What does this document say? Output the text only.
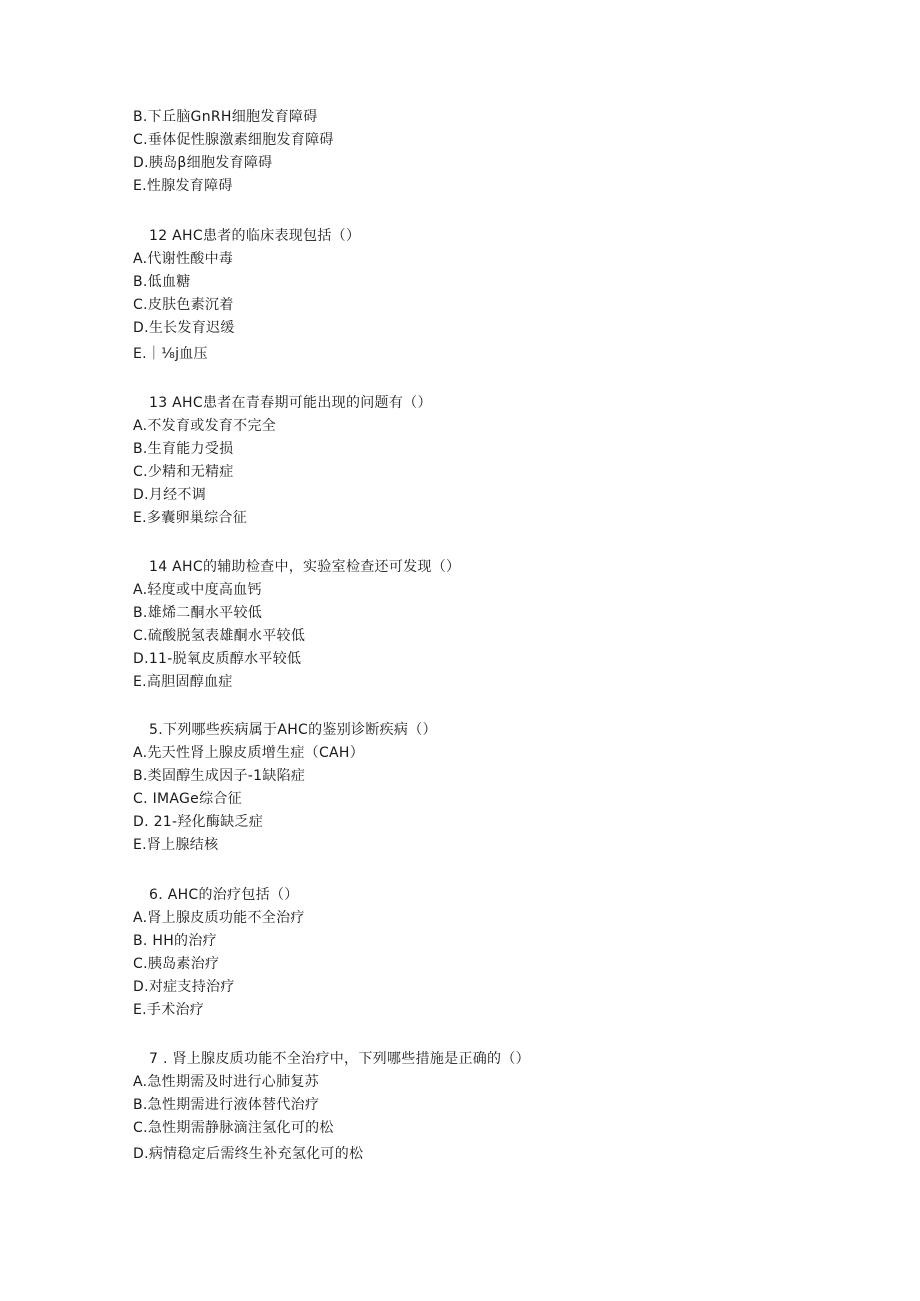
B.下丘脑GnRH细胞发育障碍
C.垂体促性腺激素细胞发育障碍
D.胰岛β细胞发育障碍
E.性腺发育障碍
12 AHC患者的临床表现包括（）
A.代谢性酸中毒
B.低血糖
C.皮肤色素沉着
D.生长发育迟缓
E.｜⅛j血压
13 AHC患者在青春期可能出现的问题有（）
A.不发育或发育不完全
B.生育能力受损
C.少精和无精症
D.月经不调
E.多囊卵巢综合征
14 AHC的辅助检查中，实验室检查还可发现（）
A.轻度或中度高血钙
B.雄烯二酮水平较低
C.硫酸脱氢表雄酮水平较低
D.11-脱氧皮质醇水平较低
E.高胆固醇血症
5.下列哪些疾病属于AHC的鉴别诊断疾病（）
A.先天性肾上腺皮质增生症（CAH）
B.类固醇生成因子-1缺陷症
C. IMAGe综合征
D. 21-羟化酶缺乏症
E.肾上腺结核
6. AHC的治疗包括（）
A.肾上腺皮质功能不全治疗
B. HH的治疗
C.胰岛素治疗
D.对症支持治疗
E.手术治疗
7 . 肾上腺皮质功能不全治疗中，下列哪些措施是正确的（）
A.急性期需及时进行心肺复苏
B.急性期需进行液体替代治疗
C.急性期需静脉滴注氢化可的松
D.病情稳定后需终生补充氢化可的松
